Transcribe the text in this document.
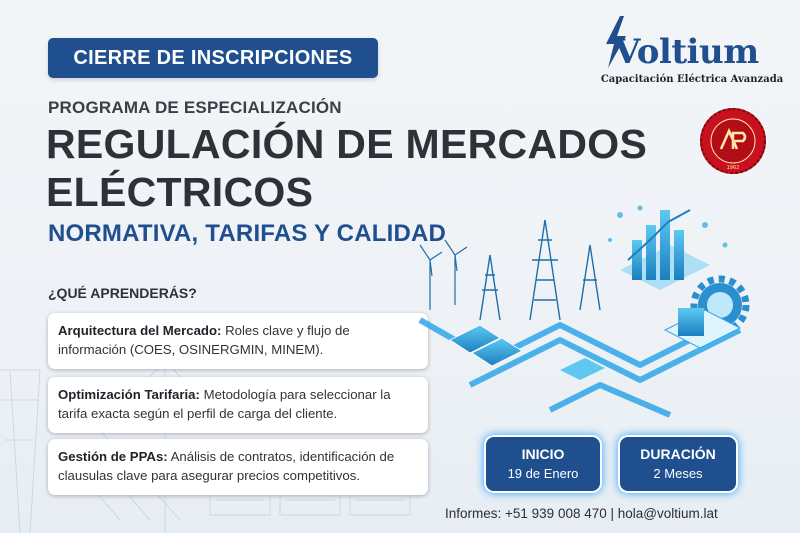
CIERRE DE INSCRIPCIONES	Voltium
Capacitación Eléctrica Avanzada
1962
PROGRAMA DE ESPECIALIZACIÓN
REGULACIÓN DE MERCADOS
ELÉCTRICOS
NORMATIVA, TARIFAS Y CALIDAD
¿QUÉ APRENDERÁS?
Arquitectura del Mercado: Roles clave y flujo de información (COES, OSINERGMIN, MINEM).
Optimización Tarifaria: Metodología para seleccionar la tarifa exacta según el perfil de carga del cliente.
Gestión de PPAs: Análisis de contratos, identificación de clausulas clave para asegurar precios competitivos.
INICIO
19 de Enero
DURACIÓN
2 Meses
Informes: +51 939 008 470 | hola@voltium.lat
